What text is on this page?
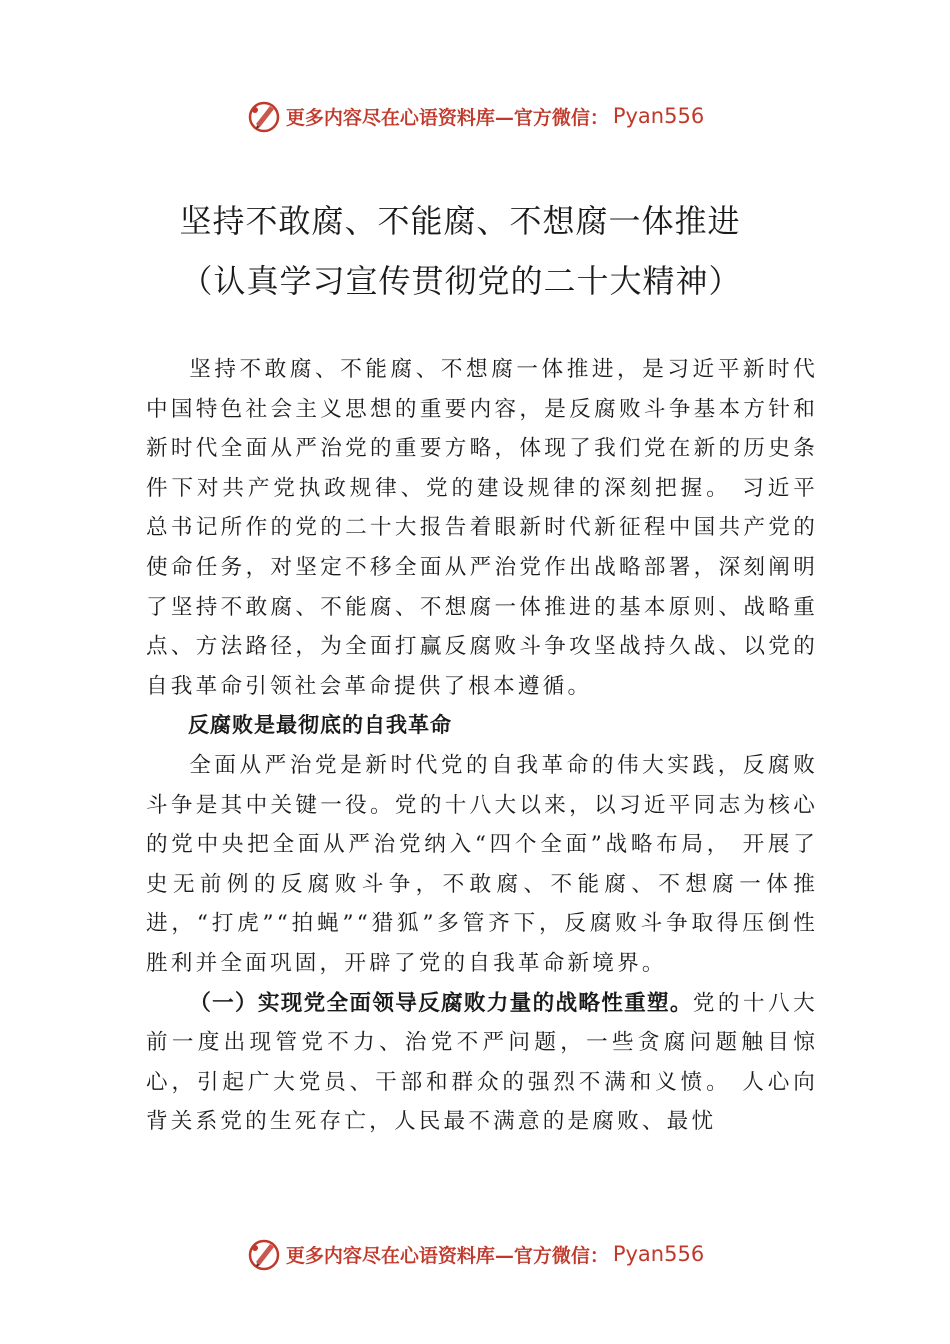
更多内容尽在心语资料库—官方微信： Pyan556
坚持不敢腐、不能腐、不想腐一体推进
（认真学习宣传贯彻党的二十大精神）

坚持不敢腐、不能腐、不想腐一体推进，是习近平新时代中国特色社会主义思想的重要内容，是反腐败斗争基本方针和新时代全面从严治党的重要方略，体现了我们党在新的历史条件下对共产党执政规律、党的建设规律的深刻把握。 习近平总书记所作的党的二十大报告着眼新时代新征程中国共产党的使命任务，对坚定不移全面从严治党作出战略部署，深刻阐明了坚持不敢腐、不能腐、不想腐一体推进的基本原则、战略重点、方法路径，为全面打赢反腐败斗争攻坚战持久战、以党的自我革命引领社会革命提供了根本遵循。

反腐败是最彻底的自我革命

全面从严治党是新时代党的自我革命的伟大实践，反腐败斗争是其中关键一役。党的十八大以来，以习近平同志为核心的党中央把全面从严治党纳入“四个全面”战略布局， 开展了史无前例的反腐败斗争，不敢腐、不能腐、不想腐一体推进，“打虎”“拍蝇”“猎狐”多管齐下，反腐败斗争取得压倒性胜利并全面巩固，开辟了党的自我革命新境界。

（一）实现党全面领导反腐败力量的战略性重塑。党的十八大前一度出现管党不力、治党不严问题，一些贪腐问题触目惊心，引起广大党员、干部和群众的强烈不满和义愤。 人心向背关系党的生死存亡，人民最不满意的是腐败、最忧

更多内容尽在心语资料库—官方微信： Pyan556
